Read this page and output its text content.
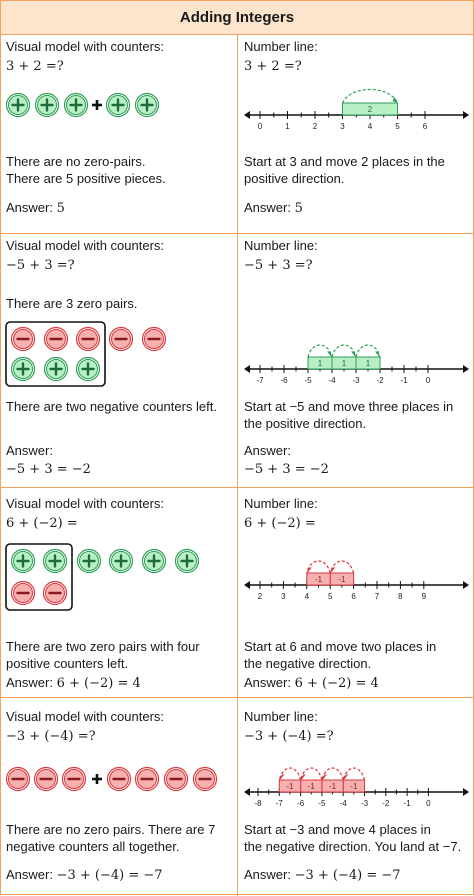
Adding Integers
Visual model with counters:
3 + 2 =?
There are no zero-pairs.
There are 5 positive pieces.
Answer: 5
Number line:
3 + 2 =?
0	1	2	3	4	5	6
2
Start at 3 and move 2 places in the
positive direction.
Answer: 5
Visual model with counters:
−5 + 3 =?
There are 3 zero pairs.
There are two negative counters left.
Answer:
−5 + 3 = −2
Number line:
−5 + 3 =?
-7 -6 -5 -4 -3 -2 -1 0
1 1 1
Start at −5 and move three places in
the positive direction.
Answer:
−5 + 3 = −2
Visual model with counters:
6 + (−2) =
There are two zero pairs with four
positive counters left.
Answer: 6 + (−2) = 4
Number line:
6 + (−2) =
2 3 4 5 6 7 8 9
-1
-1
Start at 6 and move two places in
the negative direction.
Answer: 6 + (−2) = 4
Visual model with counters:
−3 + (−4) =?
There are no zero pairs. There are 7
negative counters all together.
Answer: −3 + (−4) = −7
Number line:
−3 + (−4) =?
-8 -7 -6 -5 -4 -3 -2 -1 0
-1
-1
-1
-1
Start at −3 and move 4 places in
the negative direction. You land at −7.
Answer: −3 + (−4) = −7
